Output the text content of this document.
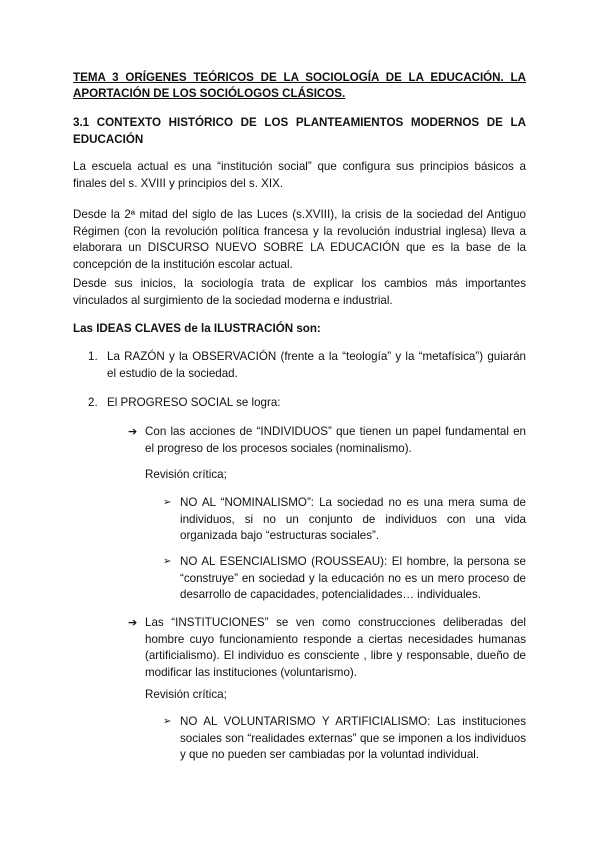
TEMA 3 ORÍGENES TEÓRICOS DE LA SOCIOLOGÍA DE LA EDUCACIÓN. LA APORTACIÓN DE LOS SOCIÓLOGOS CLÁSICOS.
3.1 CONTEXTO HISTÓRICO DE LOS PLANTEAMIENTOS MODERNOS DE LA EDUCACIÓN
La escuela actual es una “institución social” que configura sus principios básicos a finales del s. XVIII y principios del s. XIX.
Desde la 2ª mitad del siglo de las Luces (s.XVIII), la crisis de la sociedad del Antiguo Régimen (con la revolución política francesa y la revolución industrial inglesa) lleva a elaborara un DISCURSO NUEVO SOBRE LA EDUCACIÓN que es la base de la concepción de la institución escolar actual.
Desde sus inicios, la sociología trata de explicar los cambios más importantes vinculados al surgimiento de la sociedad moderna e industrial.
Las IDEAS CLAVES de la ILUSTRACIÓN son:
1. La RAZÓN y la OBSERVACIÓN (frente a la “teología” y la “metafísica”) guiarán el estudio de la sociedad.
2. El PROGRESO SOCIAL se logra:
➔ Con las acciones de “INDIVIDUOS” que tienen un papel fundamental en el progreso de los procesos sociales (nominalismo).
Revisión crítica;
➢ NO AL “NOMINALISMO”: La sociedad no es una mera suma de individuos, si no un conjunto de individuos con una vida organizada bajo “estructuras sociales”.
➢ NO AL ESENCIALISMO (ROUSSEAU): El hombre, la persona se “construye” en sociedad y la educación no es un mero proceso de desarrollo de capacidades, potencialidades… individuales.
➔ Las “INSTITUCIONES” se ven como construcciones deliberadas del hombre cuyo funcionamiento responde a ciertas necesidades humanas (artificialismo). El individuo es consciente , libre y responsable, dueño de modificar las instituciones (voluntarismo).
Revisión crítica;
➢ NO AL VOLUNTARISMO Y ARTIFICIALISMO: Las instituciones sociales son “realidades externas” que se imponen a los individuos y que no pueden ser cambiadas por la voluntad individual.
